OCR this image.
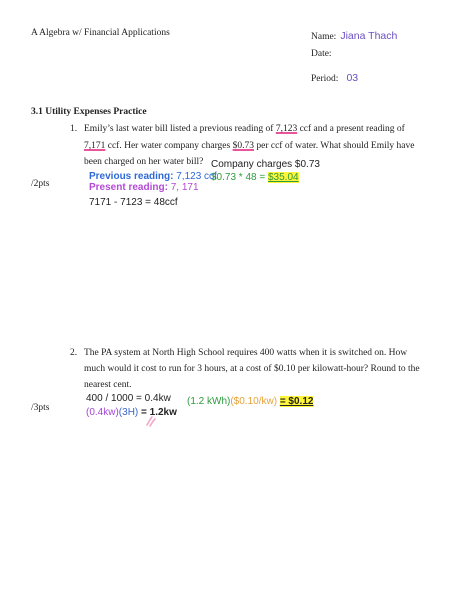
A Algebra w/ Financial Applications	Name: Jiana Thach
Date:
Period: 03
3.1 Utility Expenses Practice
1. Emily’s last water bill listed a previous reading of 7,123 ccf and a present reading of
7,171 ccf. Her water company charges $0.73 per ccf of water. What should Emily have
been charged on her water bill? Company charges $0.73
$0.73 * 48 = $35.04
/2pts
Previous reading: 7,123 ccf
Present reading: 7, 171
7171 - 7123 = 48ccf
2. The PA system at North High School requires 400 watts when it is switched on. How
much would it cost to run for 3 hours, at a cost of $0.10 per kilowatt-hour? Round to the
nearest cent.
400 / 1000 = 0.4kw
/3pts
(1.2 kWh)($0.10/kw) = $0.12
(0.4kw)(3H) = 1.2kw
